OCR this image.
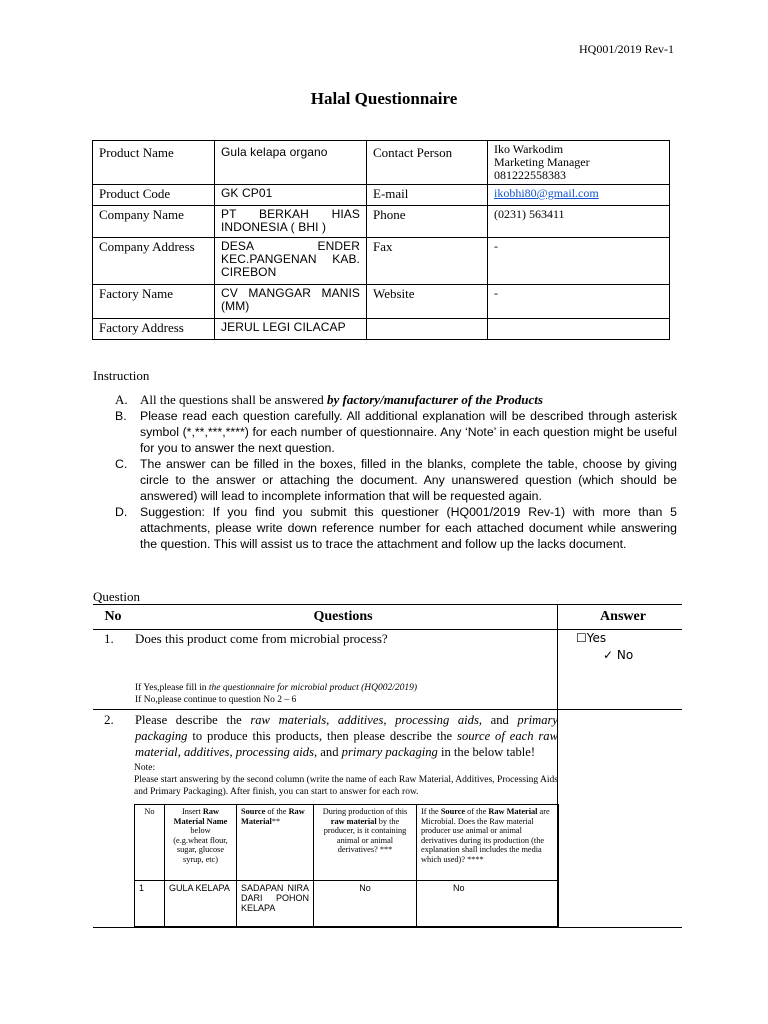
HQ001/2019 Rev-1
Halal Questionnaire
Product Name	Gula kelapa organo	Contact Person	Iko Warkodim
Marketing Manager
081222558383

Product Code	GK CP01	E-mail	ikobhi80@gmail.com
Company Name	PT BERKAH HIAS INDONESIA ( BHI )	Phone	(0231) 563411
Company Address	DESA ENDER KEC.PANGENAN KAB. CIREBON	Fax	-
Factory Name	CV MANGGAR MANIS (MM)	Website	-
Factory Address	JERUL LEGI CILACAP		
Instruction
A. All the questions shall be answered by factory/manufacturer of the Products
B. Please read each question carefully. All additional explanation will be described through asterisk symbol (*,**,***,****) for each number of questionnaire. Any ‘Note’ in each question might be useful for you to answer the next question.
C. The answer can be filled in the boxes, filled in the blanks, complete the table, choose by giving circle to the answer or attaching the document. Any unanswered question (which should be answered) will lead to incomplete information that will be requested again.
D. Suggestion: If you find you submit this questioner (HQ001/2019 Rev-1) with more than 5 attachments, please write down reference number for each attached document while answering the question. This will assist us to trace the attachment and follow up the lacks document.
Question
No	Questions	Answer
1. Does this product come from microbial process?	☐Yes
✓ No
If Yes,please fill in the questionnaire for microbial product (HQ002/2019)
If No,please continue to question No 2 – 6
2. Please describe the raw materials, additives, processing aids, and primary packaging to produce this products, then please describe the source of each raw material, additives, processing aids, and primary packaging in the below table!
Note:
Please start answering by the second column (write the name of each Raw Material, Additives, Processing Aids and Primary Packaging). After finish, you can start to answer for each row.
No	Insert Raw Material Name below
(e.g.wheat flour, sugar, glucose syrup, etc)	Source of the Raw Material**	During production of this raw material by the producer, is it containing animal or animal derivatives? ***	If the Source of the Raw Material are Microbial. Does the Raw material producer use animal or animal derivatives during its production (the explanation shall includes the media which used)? ****
1	GULA KELAPA	SADAPAN NIRA DARI POHON KELAPA	No	No
